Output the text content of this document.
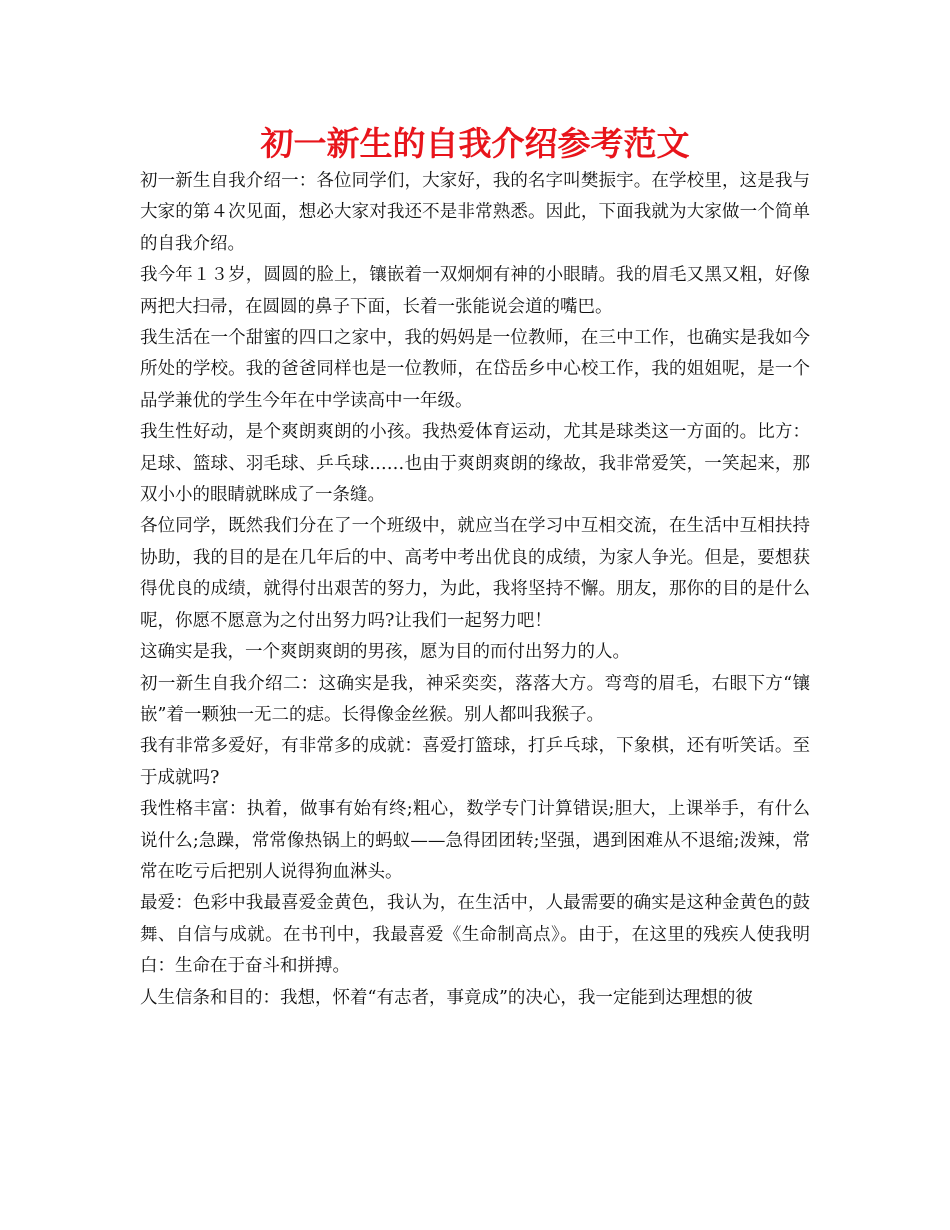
初一新生的自我介绍参考范文

初一新生自我介绍一：各位同学们，大家好，我的名字叫樊振宇。在学校里，这是我与大家的第４次见面，想必大家对我还不是非常熟悉。因此，下面我就为大家做一个简单的自我介绍。

我今年１３岁，圆圆的脸上，镶嵌着一双炯炯有神的小眼睛。我的眉毛又黑又粗，好像两把大扫帚，在圆圆的鼻子下面，长着一张能说会道的嘴巴。

我生活在一个甜蜜的四口之家中，我的妈妈是一位教师，在三中工作，也确实是我如今所处的学校。我的爸爸同样也是一位教师，在岱岳乡中心校工作，我的姐姐呢，是一个品学兼优的学生今年在中学读高中一年级。

我生性好动，是个爽朗爽朗的小孩。我热爱体育运动，尤其是球类这一方面的。比方：足球、篮球、羽毛球、乒乓球……也由于爽朗爽朗的缘故，我非常爱笑，一笑起来，那双小小的眼睛就眯成了一条缝。

各位同学，既然我们分在了一个班级中，就应当在学习中互相交流，在生活中互相扶持协助，我的目的是在几年后的中、高考中考出优良的成绩，为家人争光。但是，要想获得优良的成绩，就得付出艰苦的努力，为此，我将坚持不懈。朋友，那你的目的是什么呢，你愿不愿意为之付出努力吗?让我们一起努力吧！

这确实是我，一个爽朗爽朗的男孩，愿为目的而付出努力的人。

初一新生自我介绍二：这确实是我，神采奕奕，落落大方。弯弯的眉毛，右眼下方“镶嵌”着一颗独一无二的痣。长得像金丝猴。别人都叫我猴子。

我有非常多爱好，有非常多的成就：喜爱打篮球，打乒乓球，下象棋，还有听笑话。至于成就吗?

我性格丰富：执着，做事有始有终;粗心，数学专门计算错误;胆大，上课举手，有什么说什么;急躁，常常像热锅上的蚂蚁——急得团团转;坚强，遇到困难从不退缩;泼辣，常常在吃亏后把别人说得狗血淋头。

最爱：色彩中我最喜爱金黄色，我认为，在生活中，人最需要的确实是这种金黄色的鼓舞、自信与成就。在书刊中，我最喜爱《生命制高点》。由于，在这里的残疾人使我明白：生命在于奋斗和拼搏。

人生信条和目的：我想，怀着“有志者，事竟成”的决心，我一定能到达理想的彼
